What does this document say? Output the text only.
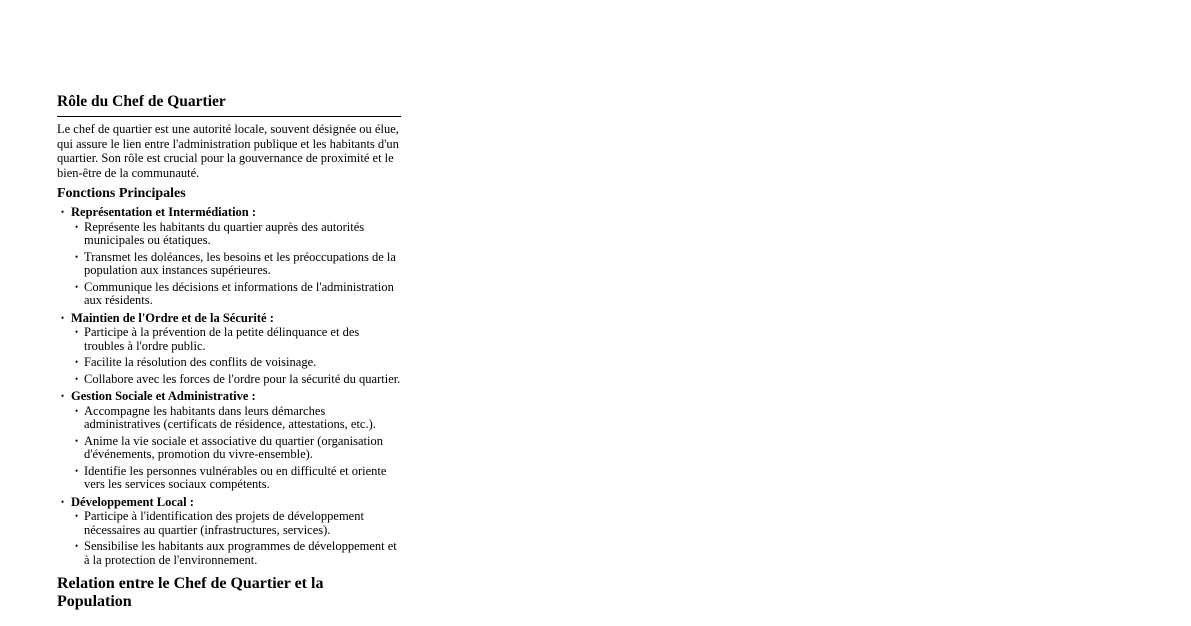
Rôle du Chef de Quartier

Le chef de quartier est une autorité locale, souvent désignée ou élue, qui assure le lien entre l'administration publique et les habitants d'un quartier. Son rôle est crucial pour la gouvernance de proximité et le bien-être de la communauté.

Fonctions Principales
• Représentation et Intermédiation :
• Représente les habitants du quartier auprès des autorités municipales ou étatiques.
• Transmet les doléances, les besoins et les préoccupations de la population aux instances supérieures.
• Communique les décisions et informations de l'administration aux résidents.
• Maintien de l'Ordre et de la Sécurité :
• Participe à la prévention de la petite délinquance et des troubles à l'ordre public.
• Facilite la résolution des conflits de voisinage.
• Collabore avec les forces de l'ordre pour la sécurité du quartier.
• Gestion Sociale et Administrative :
• Accompagne les habitants dans leurs démarches administratives (certificats de résidence, attestations, etc.).
• Anime la vie sociale et associative du quartier (organisation d'événements, promotion du vivre-ensemble).
• Identifie les personnes vulnérables ou en difficulté et oriente vers les services sociaux compétents.
• Développement Local :
• Participe à l'identification des projets de développement nécessaires au quartier (infrastructures, services).
• Sensibilise les habitants aux programmes de développement et à la protection de l'environnement.
Relation entre le Chef de Quartier et la Population
